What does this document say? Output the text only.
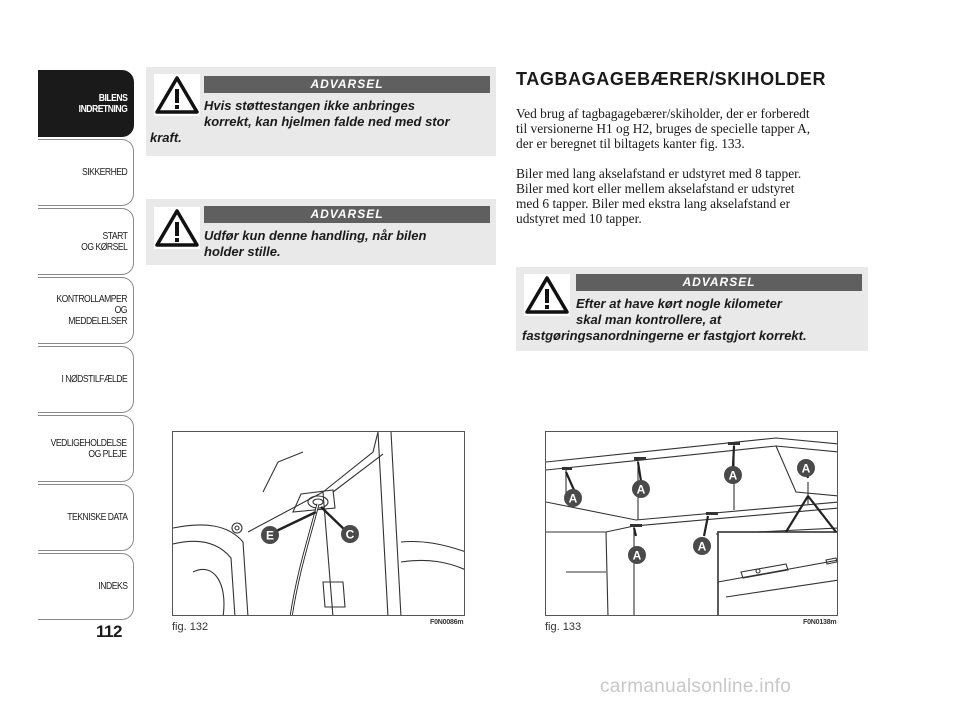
BILENS
INDRETNING
SIKKERHED
START
OG KØRSEL
KONTROLLAMPER
OG MEDDELELSER
I NØDSTILFÆLDE
VEDLIGEHOLDELSE
OG PLEJE
TEKNISKE DATA
INDEKS
112
ADVARSEL
Hvis støttestangen ikke anbringes
korrekt, kan hjelmen falde ned med stor
kraft.
ADVARSEL
Udfør kun denne handling, når bilen
holder stille.
TAGBAGAGEBÆRER/SKIHOLDER
Ved brug af tagbagagebærer/skiholder, der er forberedt
til versionerne H1 og H2, bruges de specielle tapper A,
der er beregnet til biltagets kanter fig. 133.
Biler med lang akselafstand er udstyret med 8 tapper.
Biler med kort eller mellem akselafstand er udstyret
med 6 tapper. Biler med ekstra lang akselafstand er
udstyret med 10 tapper.
ADVARSEL
Efter at have kørt nogle kilometer
skal man kontrollere, at
fastgøringsanordningerne er fastgjort korrekt.
E	C
fig. 132	F0N0086m
A
A
A	A
A
A
fig. 133	F0N0138m
carmanualsonline.info
